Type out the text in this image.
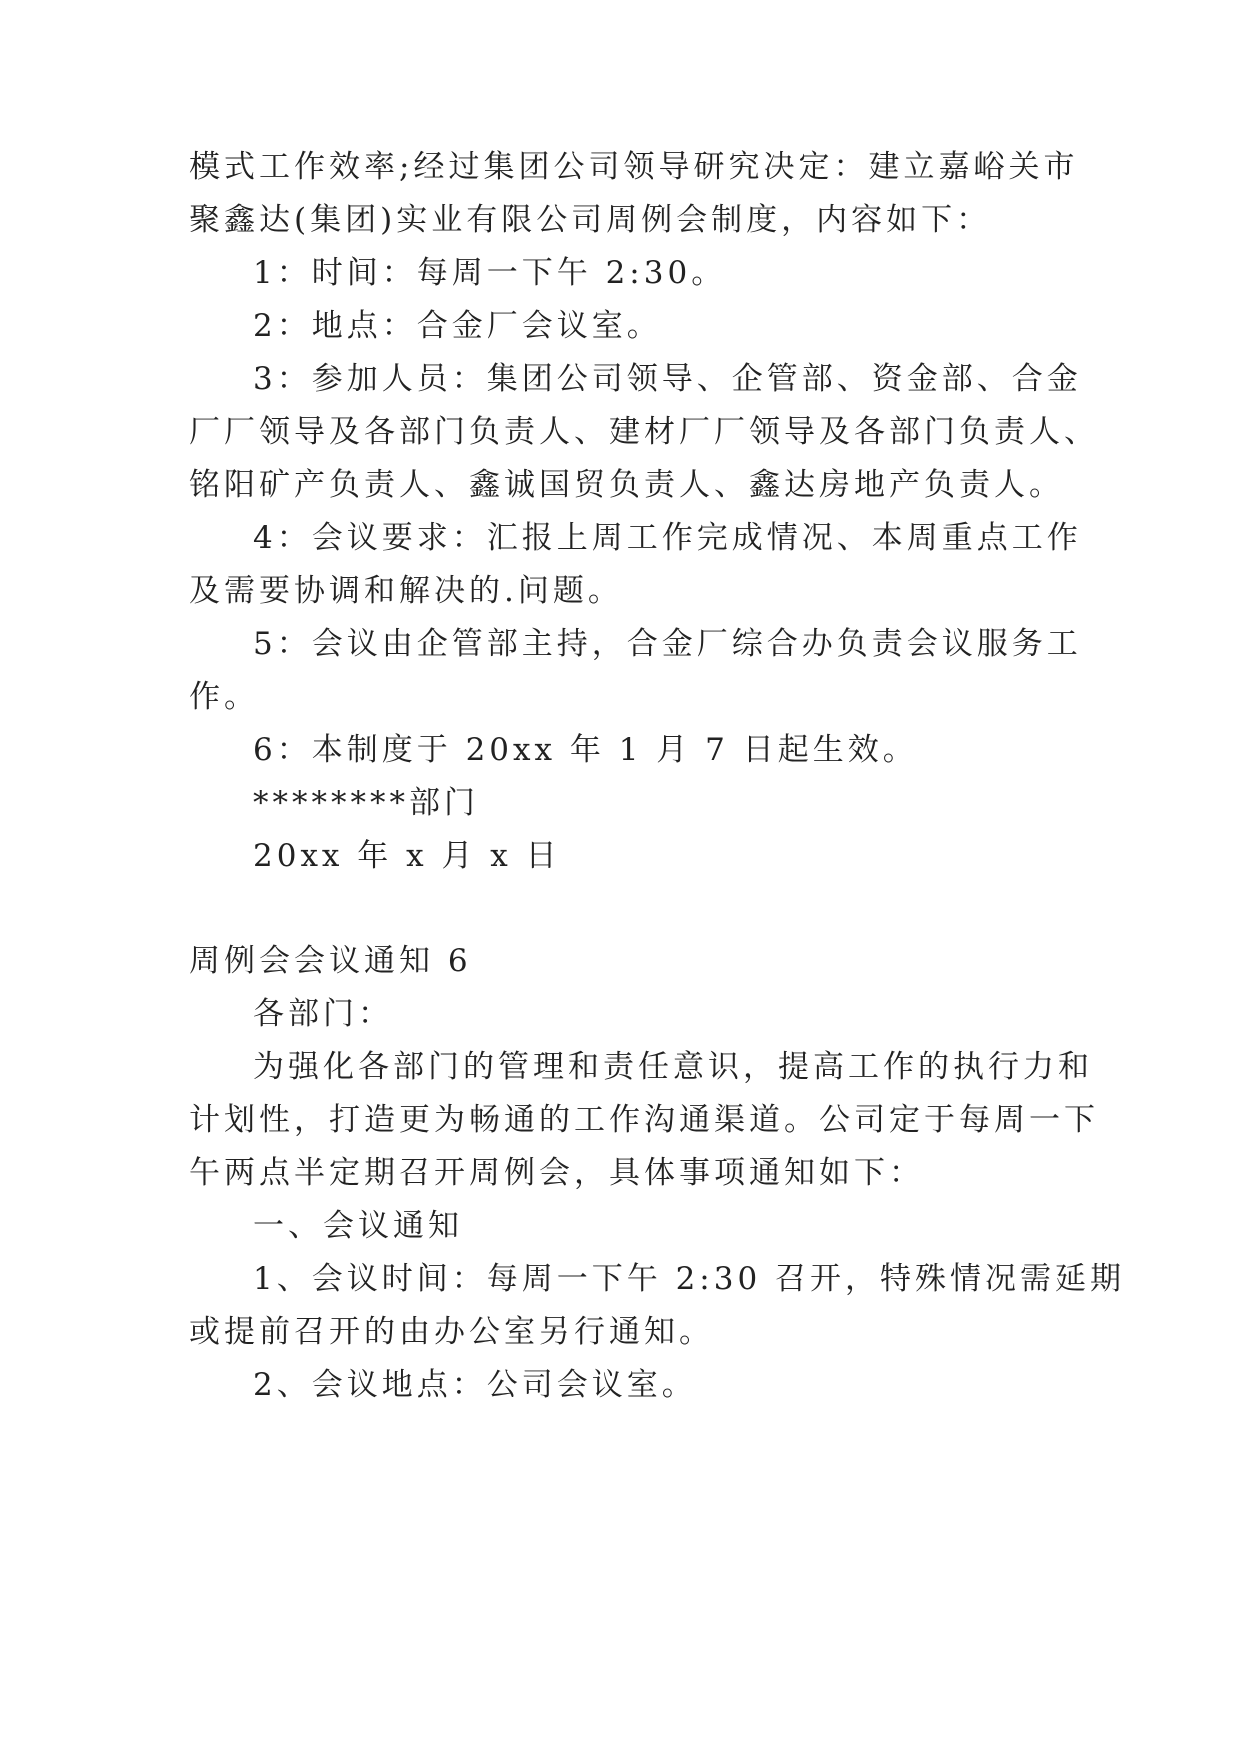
模式工作效率;经过集团公司领导研究决定：建立嘉峪关市
聚鑫达(集团)实业有限公司周例会制度，内容如下：
1：时间：每周一下午 2:30。
2：地点：合金厂会议室。
3：参加人员：集团公司领导、企管部、资金部、合金
厂厂领导及各部门负责人、建材厂厂领导及各部门负责人、
铭阳矿产负责人、鑫诚国贸负责人、鑫达房地产负责人。
4：会议要求：汇报上周工作完成情况、本周重点工作
及需要协调和解决的.问题。
5：会议由企管部主持，合金厂综合办负责会议服务工
作。
6：本制度于 20xx 年 1 月 7 日起生效。
********部门
20xx 年 x 月 x 日
周例会会议通知 6
各部门：
为强化各部门的管理和责任意识，提高工作的执行力和
计划性，打造更为畅通的工作沟通渠道。公司定于每周一下
午两点半定期召开周例会，具体事项通知如下：
一、会议通知
1、会议时间：每周一下午 2:30 召开，特殊情况需延期
或提前召开的由办公室另行通知。
2、会议地点：公司会议室。
